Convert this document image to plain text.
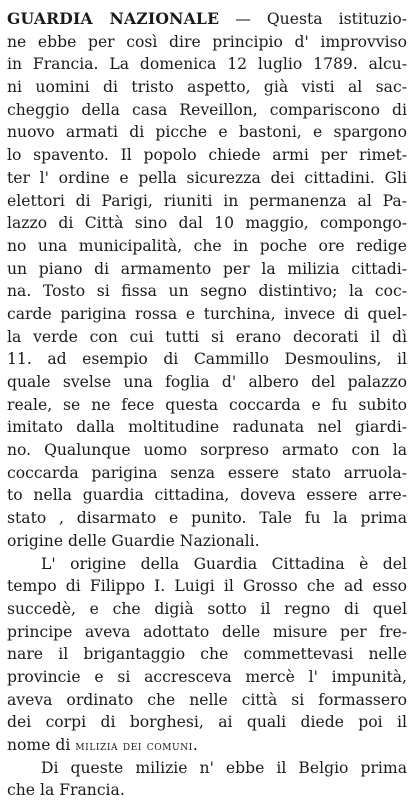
GUARDIA NAZIONALE — Questa istituzio-
ne ebbe per così dire principio d' improvviso
in Francia. La domenica 12 luglio 1789. alcu-
ni uomini di tristo aspetto, già visti al sac-
cheggio della casa Reveillon, compariscono di
nuovo armati di picche e bastoni, e spargono
lo spavento. Il popolo chiede armi per rimet-
ter l' ordine e pella sicurezza dei cittadini. Gli
elettori di Parigi, riuniti in permanenza al Pa-
lazzo di Città sino dal 10 maggio, compongo-
no una municipalità, che in poche ore redige
un piano di armamento per la milizia cittadi-
na. Tosto si fissa un segno distintivo; la coc-
carde parigina rossa e turchina, invece di quel-
la verde con cui tutti si erano decorati il dì
11. ad esempio di Cammillo Desmoulins, il
quale svelse una foglia d' albero del palazzo
reale, se ne fece questa coccarda e fu subito
imitato dalla moltitudine radunata nel giardi-
no. Qualunque uomo sorpreso armato con la
coccarda parigina senza essere stato arruola-
to nella guardia cittadina, doveva essere arre-
stato , disarmato e punito. Tale fu la prima
origine delle Guardie Nazionali.
L' origine della Guardia Cittadina è del
tempo di Filippo I. Luigi il Grosso che ad esso
succedè, e che digià sotto il regno di quel
principe aveva adottato delle misure per fre-
nare il brigantaggio che commettevasi nelle
provincie e si accresceva mercè l' impunità,
aveva ordinato che nelle città si formassero
dei corpi di borghesi, ai quali diede poi il
nome di milizia dei comuni.
Di queste milizie n' ebbe il Belgio prima
che la Francia.
